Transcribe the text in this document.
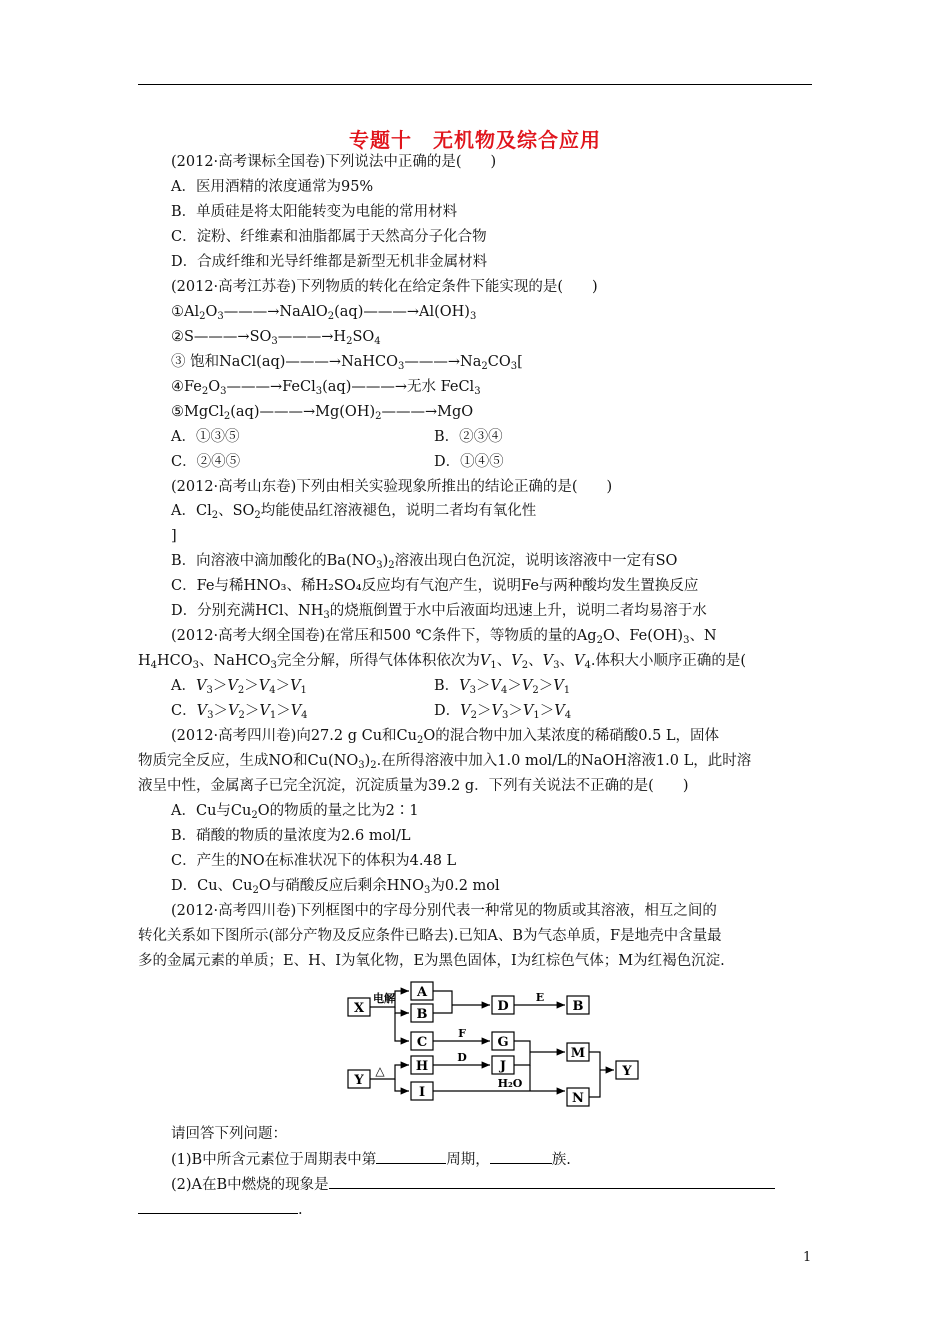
专题十　无机物及综合应用
(2012·高考课标全国卷)下列说法中正确的是(　　)
A．医用酒精的浓度通常为95%
B．单质硅是将太阳能转变为电能的常用材料
C．淀粉、纤维素和油脂都属于天然高分子化合物
D．合成纤维和光导纤维都是新型无机非金属材料
(2012·高考江苏卷)下列物质的转化在给定条件下能实现的是(　　)
$①Al_2O_3———\to NaAlO_2(aq)———\to Al(OH)_3$
$②S———\to SO_3———\to H_2SO_4$
③ 饱和$NaCl(aq)———\to NaHCO_3———\to Na_2CO_3$[
$④Fe_2O_3———\to FeCl_3(aq)———\to$无水 FeCl$_3$
$⑤MgCl_2(aq)———\to Mg(OH)_2———\to MgO$
A．①③⑤	B．②③④
C．②④⑤	D．①④⑤
(2012·高考山东卷)下列由相关实验现象所推出的结论正确的是(　　)
A．$Cl_2$、$SO_2$均能使品红溶液褪色，说明二者均有氧化性
]
B．向溶液中滴加酸化的$Ba(NO_3)_2$溶液出现白色沉淀，说明该溶液中一定有SO
C．Fe与稀HNO₃、稀H₂SO₄反应均有气泡产生，说明Fe与两种酸均发生置换反应
D．分别充满HCl、$NH_3$的烧瓶倒置于水中后液面均迅速上升，说明二者均易溶于水
(2012·高考大纲全国卷)在常压和500 ℃条件下，等物质的量的$Ag_2O$、$Fe(OH)_3$、N
$H_4HCO_3$、NaHCO$_3$完全分解，所得气体体积依次为$V_1$、$V_2$、$V_3$、$V_4$.体积大小顺序正确的是(
A．$V_3>V_2>V_4>V_1$	B．$V_3>V_4>V_2>V_1$
C．$V_3>V_2>V_1>V_4$	D．$V_2>V_3>V_1>V_4$
(2012·高考四川卷)向27.2 g Cu和$Cu_2O$的混合物中加入某浓度的稀硝酸0.5 L，固体
物质完全反应，生成NO和$Cu(NO_3)_2$.在所得溶液中加入1.0 mol/L的NaOH溶液1.0 L，此时溶
液呈中性，金属离子已完全沉淀，沉淀质量为39.2 g．下列有关说法不正确的是(　　)
A．Cu与$Cu_2O$的物质的量之比为2∶1
B．硝酸的物质的量浓度为2.6 mol/L
C．产生的NO在标准状况下的体积为4.48 L
D．Cu、$Cu_2O$与硝酸反应后剩余$HNO_3$为0.2 mol
(2012·高考四川卷)下列框图中的字母分别代表一种常见的物质或其溶液，相互之间的
转化关系如下图所示(部分产物及反应条件已略去).已知A、B为气态单质，F是地壳中含量最
多的金属元素的单质；E、H、I为氧化物，E为黑色固体，I为红棕色气体；M为红褐色沉淀.
X
A
B
C
D	B
G
J
M
N
H
I
Y
Y
电解	E
F
D
△
H₂O
请回答下列问题：
(1)B中所含元素位于周期表中第	周期，	族.
(2)A在B中燃烧的现象是
.
1
